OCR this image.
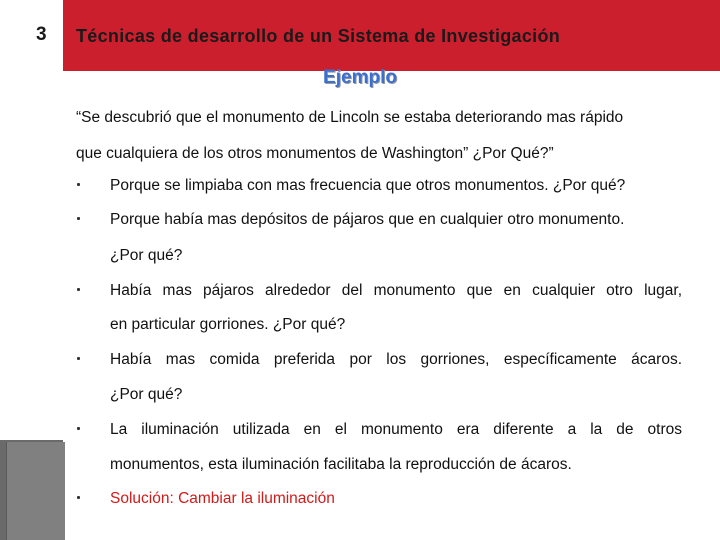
3 Técnicas de desarrollo de un Sistema de Investigación
Ejemplo
“Se descubrió que el monumento de Lincoln se estaba deteriorando mas rápido
que cualquiera de los otros monumentos de Washington” ¿Por Qué?”
Porque se limpiaba con mas frecuencia que otros monumentos. ¿Por qué?
Porque había mas depósitos de pájaros que en cualquier otro monumento.
¿Por qué?
Había mas pájaros alrededor del monumento que en cualquier otro lugar,
en particular gorriones. ¿Por qué?
Había mas comida preferida por los gorriones, específicamente ácaros.
¿Por qué?
La iluminación utilizada en el monumento era diferente a la de otros
monumentos, esta iluminación facilitaba la reproducción de ácaros.
Solución: Cambiar la iluminación
